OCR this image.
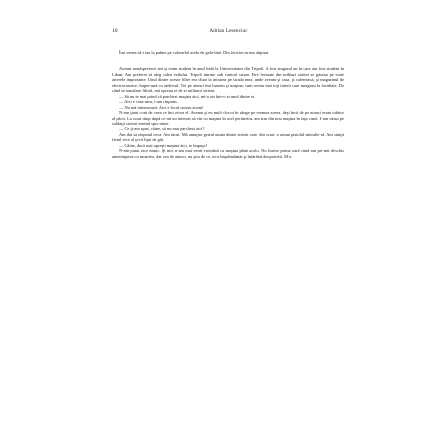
10	Adrian Lesenciuc

Îmi venea să-i iau la palme pe colonelul acela de gela-tină. Din fericire m-am abţinut.

Aveam nouăsprezece ani şi eram student în anul întâi la Universitatea din Tripoli. A fost singurul an în care am fost student în Liban. Am preferat să aleg calea exilului. Tripoli intrase sub control sirian. Fire formate din militari sirieni se găseau pe toate arterele importante. Unul dintre aceste filtre era chiar la intrarea pe strada mea, unde aveam şi casa, şi cafeneaua, şi magazinul de electrocasnice, împre-ună cu atelierul. Tot pe atunci îmi luasem şi maşina, cum aveau mai toţi tinerii care mergeau la facultate. De când se instalase filtrul, mă opreau zi de zi militarii sirieni.

— Să nu te mai prind că parchezi maşina aici, mi-a zis într-o zi unul dintre ei.

— Aici e casa mea, i-am răspuns.

— Nu mă interesează. Aici e locul nostru acum!

N-am ţinut cont de ceea ce îmi zicea el. Aveam şi eu mult clocot în sânge pe vremea aceea, deşi încă de pe atunci eram iubitor al păcii. La scurt timp după ce mi-au interzis să vin cu maşina în acel perimetru, am tras din nou maşina în faţa casei. I-am văzut pe soldaţii sirieni venind spre mine.

— Ce ţi-am spus, căine, să nu mai parchezi aici?

Am dat să răspund ceva. Am tăcut. Mă amuţise gestul unuia dintre sirieni care, din scurt, a armat pistolul-mitralie-ră. Am simţit fierul rece al ţevii lipit de gât.

— Câine, dacă mai opreşti maşina aici, te împuşc!

N-am putut zice nimic. Şi nici n-am mai venit vreodată cu maşina până acolo. Nu fusese prima oară când am pri-mit deschis ameninţarea cu moartea, dar cea de atunci, nu ştiu de ce, m-a înspăimântat şi întărâtat deopotrivă. M-a
